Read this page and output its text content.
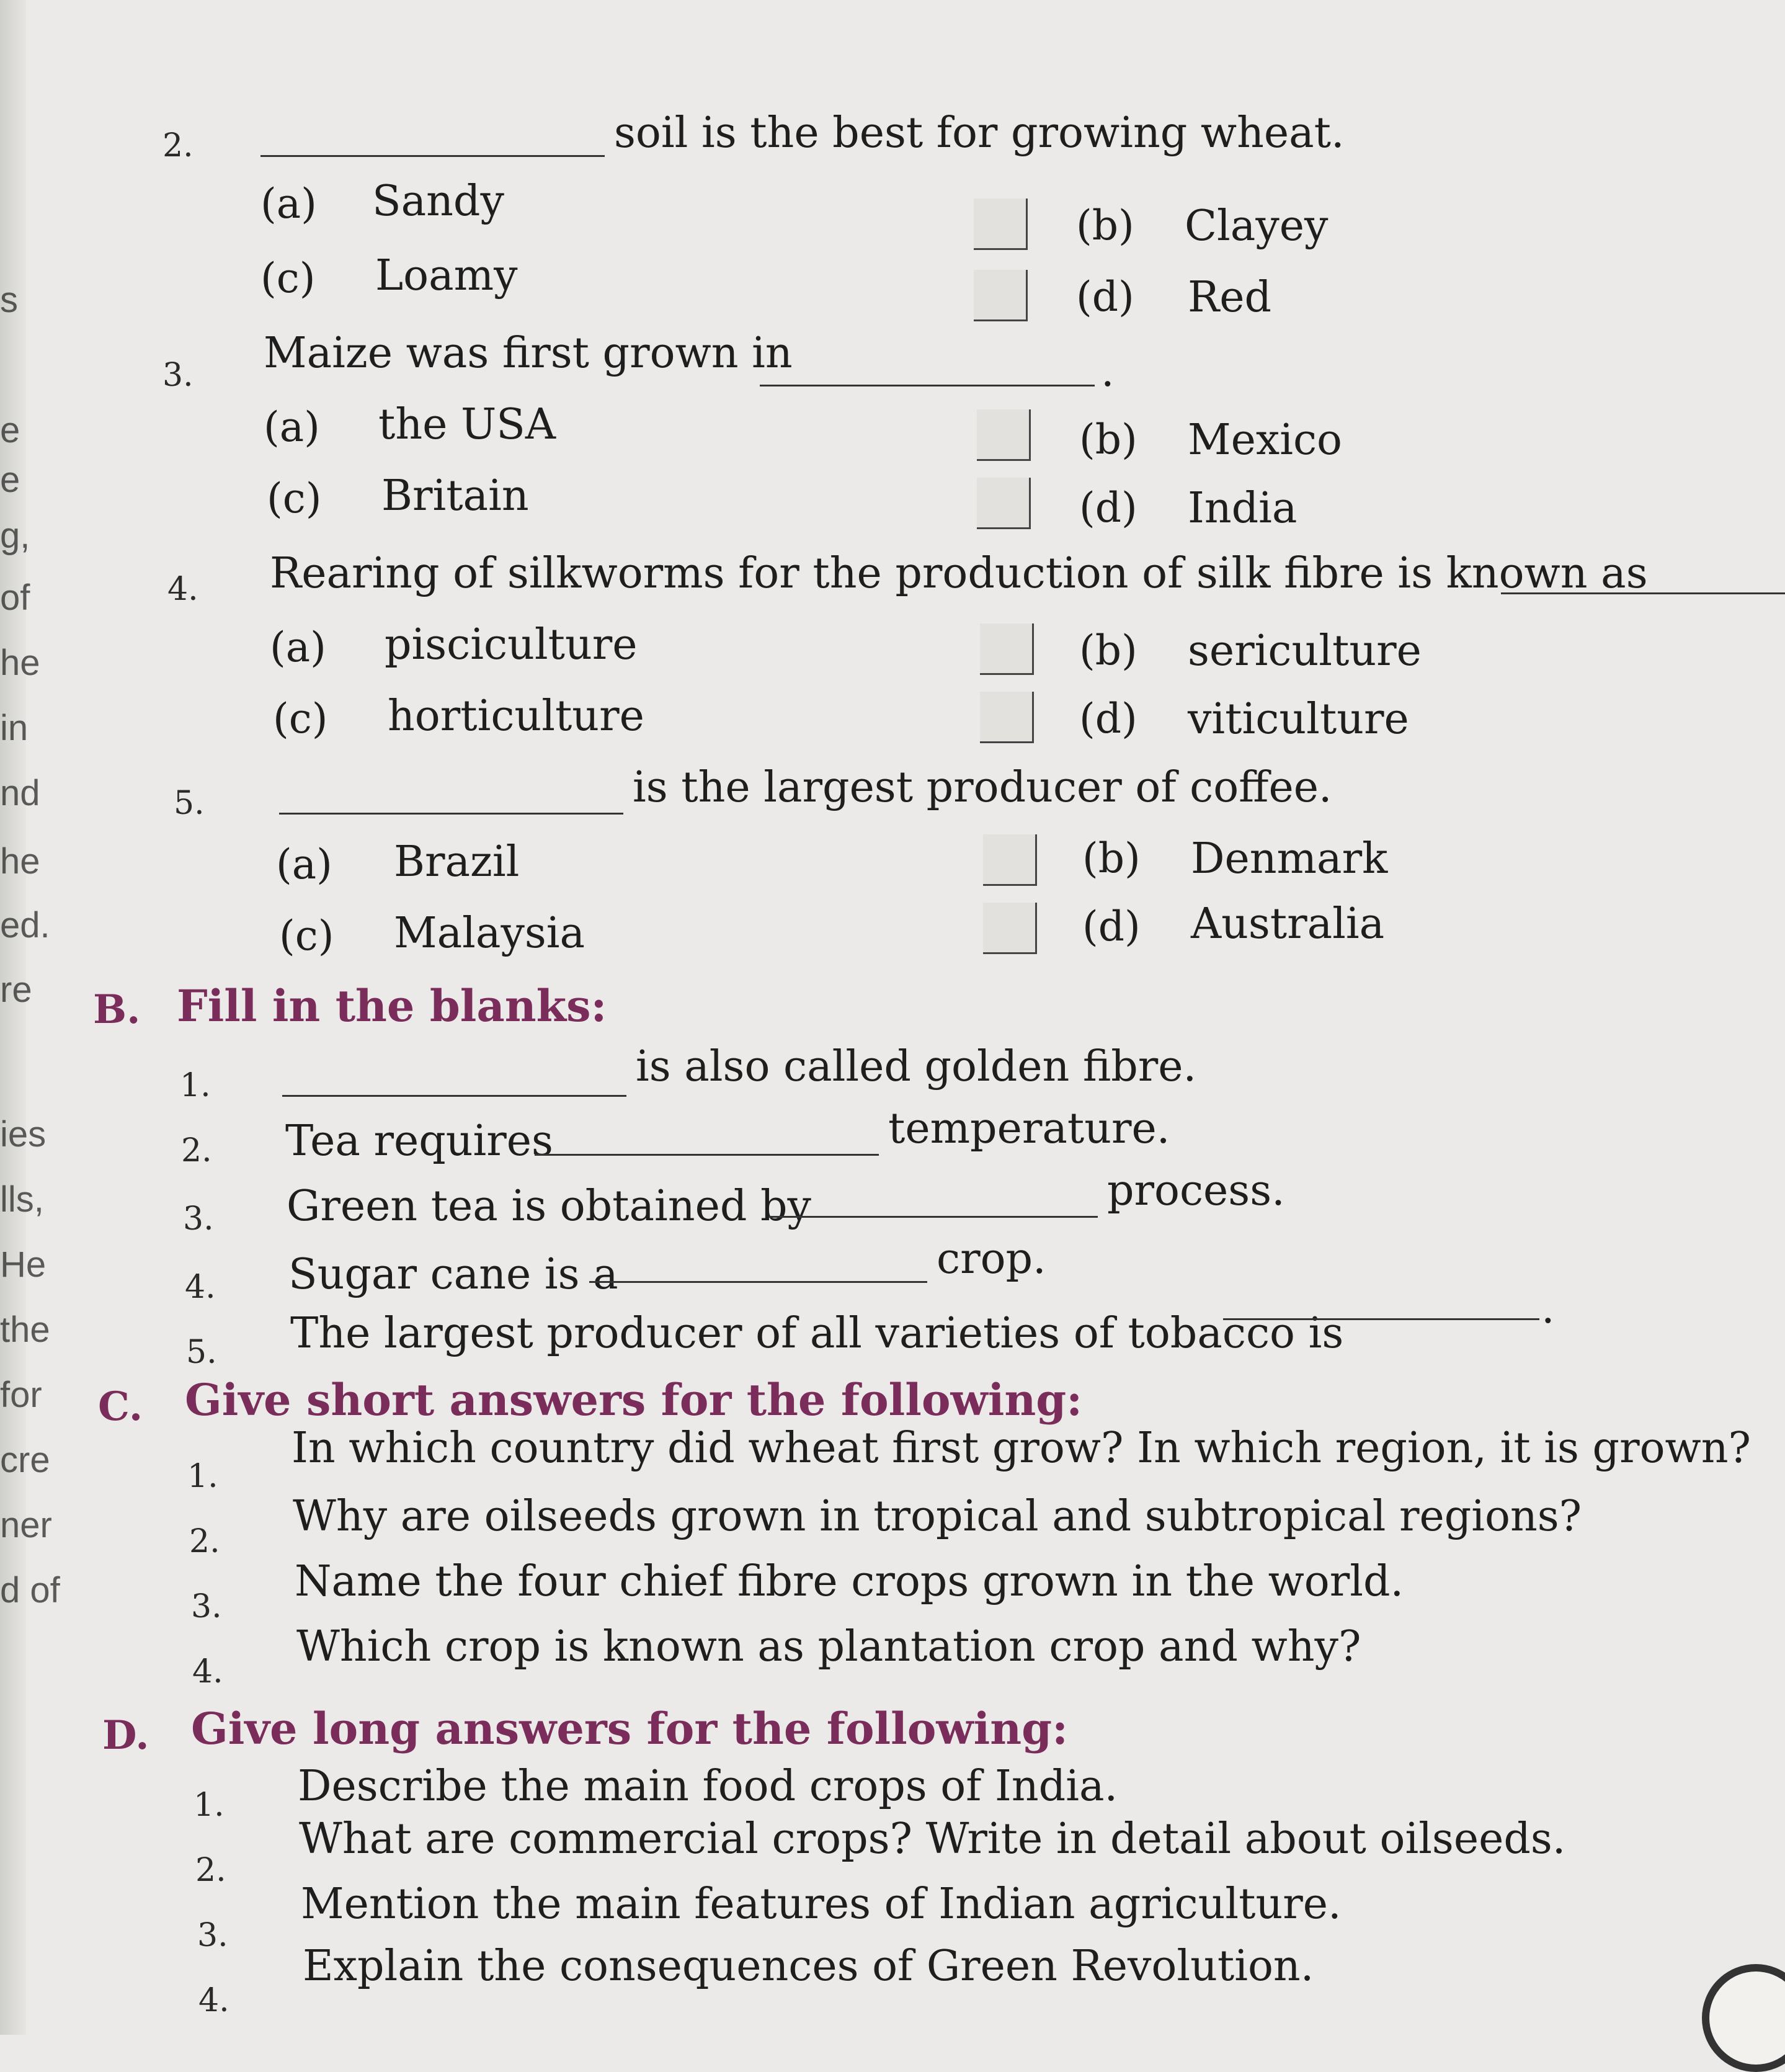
s
e
e
g,
of
he
in
nd
he
ed.
re
ies
lls,
He
the
for
cre
ner
d of
2.	soil is the best for growing wheat.
(a) Sandy	(b) Clayey
(c) Loamy	(d) Red
3. Maize was first grown in	.
(a) the USA	(b) Mexico
(c) Britain	(d) India
4. Rearing of silkworms for the production of silk fibre is known as
(a) pisciculture	(b) sericulture
(c) horticulture	(d) viticulture
5.	is the largest producer of coffee.
(a) Brazil	(b) Denmark
(c) Malaysia	(d) Australia
B. Fill in the blanks:
1.	is also called golden fibre.
2. Tea requires	temperature.
3. Green tea is obtained by	process.
4. Sugar cane is a	crop.
5. The largest producer of all varieties of tobacco is
.
C. Give short answers for the following:
1.
In which country did wheat first grow? In which region, it is grown?
2.
Why are oilseeds grown in tropical and subtropical regions?
3.
Name the four chief fibre crops grown in the world.
4.
Which crop is known as plantation crop and why?
D. Give long answers for the following:
1. Describe the main food crops of India.
2.
What are commercial crops? Write in detail about oilseeds.
3.
Mention the main features of Indian agriculture.
4.
Explain the consequences of Green Revolution.
